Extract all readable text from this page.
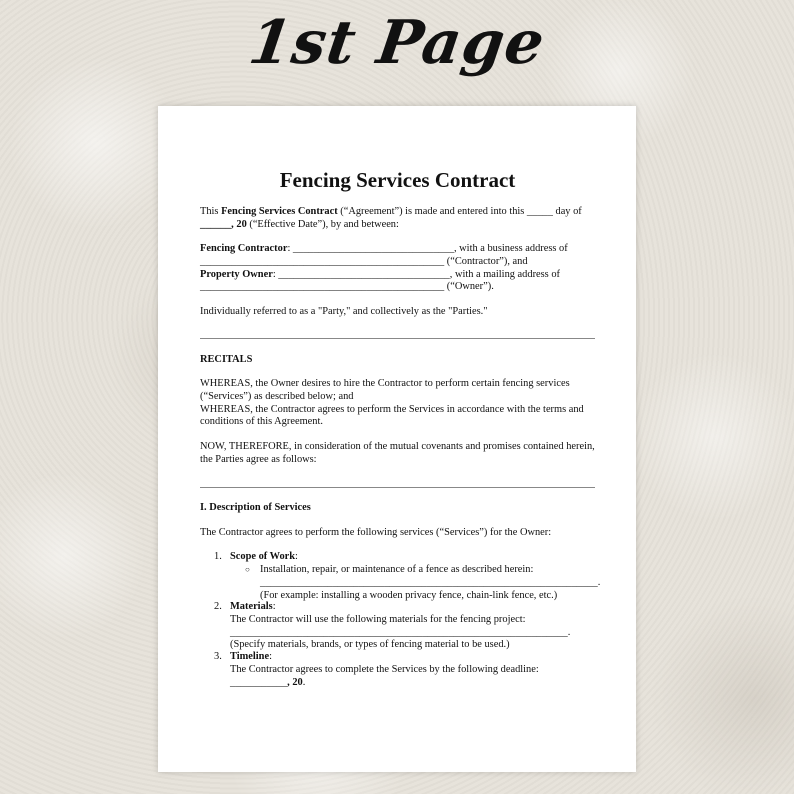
1st Page
Fencing Services Contract

This Fencing Services Contract (“Agreement”) is made and entered into this _____ day of ______, 20 (“Effective Date”), by and between:

Fencing Contractor: _______________________________, with a business address of
_______________________________________________ (“Contractor”), and
Property Owner: _________________________________, with a mailing address of
_______________________________________________ (“Owner”).

Individually referred to as a "Party," and collectively as the "Parties."

RECITALS

WHEREAS, the Owner desires to hire the Contractor to perform certain fencing services (“Services”) as described below; and
WHEREAS, the Contractor agrees to perform the Services in accordance with the terms and conditions of this Agreement.

NOW, THEREFORE, in consideration of the mutual covenants and promises contained herein, the Parties agree as follows:

I. Description of Services

The Contractor agrees to perform the following services (“Services”) for the Owner:

1. Scope of Work:
Installation, repair, or maintenance of a fence as described herein:
_________________________________________________________________.
(For example: installing a wooden privacy fence, chain-link fence, etc.)
○
2. Materials:
The Contractor will use the following materials for the fencing project:
_________________________________________________________________.
(Specify materials, brands, or types of fencing material to be used.)
3. Timeline:
The Contractor agrees to complete the Services by the following deadline:
___________, 20.
